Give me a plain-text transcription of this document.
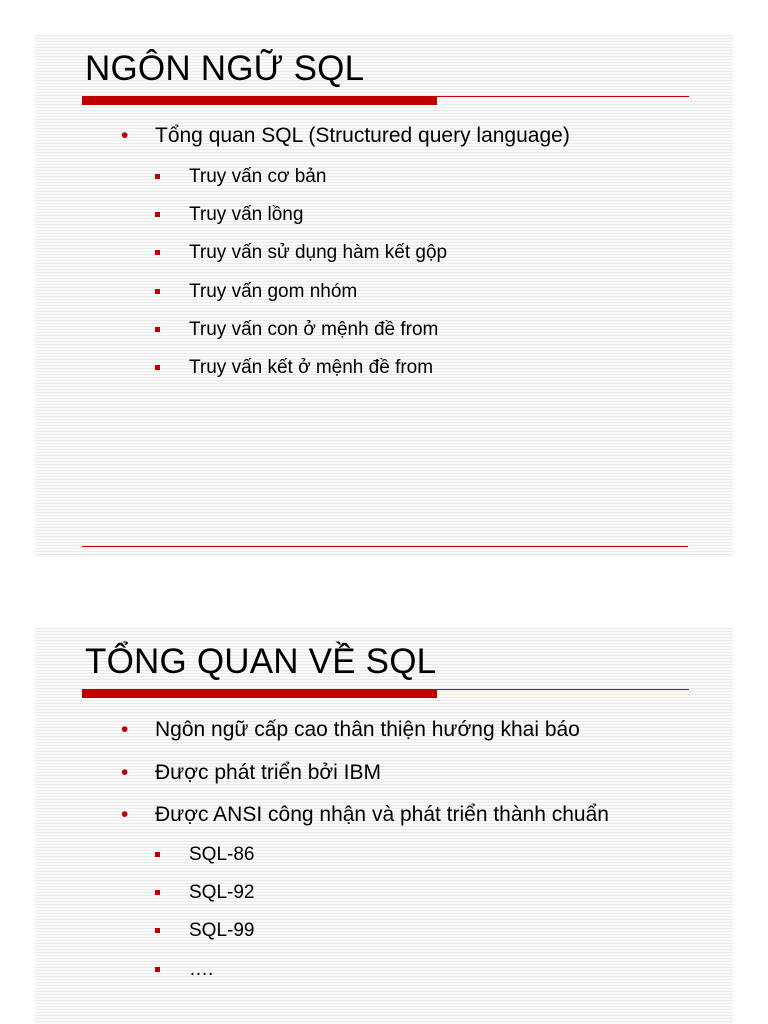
NGÔN NGỮ SQL
• Tổng quan SQL (Structured query language)
Truy vấn cơ bản
Truy vấn lồng
Truy vấn sử dụng hàm kết gộp
Truy vấn gom nhóm
Truy vấn con ở mệnh đề from
Truy vấn kết ở mệnh đề from
TỔNG QUAN VỀ SQL
• Ngôn ngữ cấp cao thân thiện hướng khai báo
• Được phát triển bởi IBM
• Được ANSI công nhận và phát triển thành chuẩn
SQL-86
SQL-92
SQL-99
….
